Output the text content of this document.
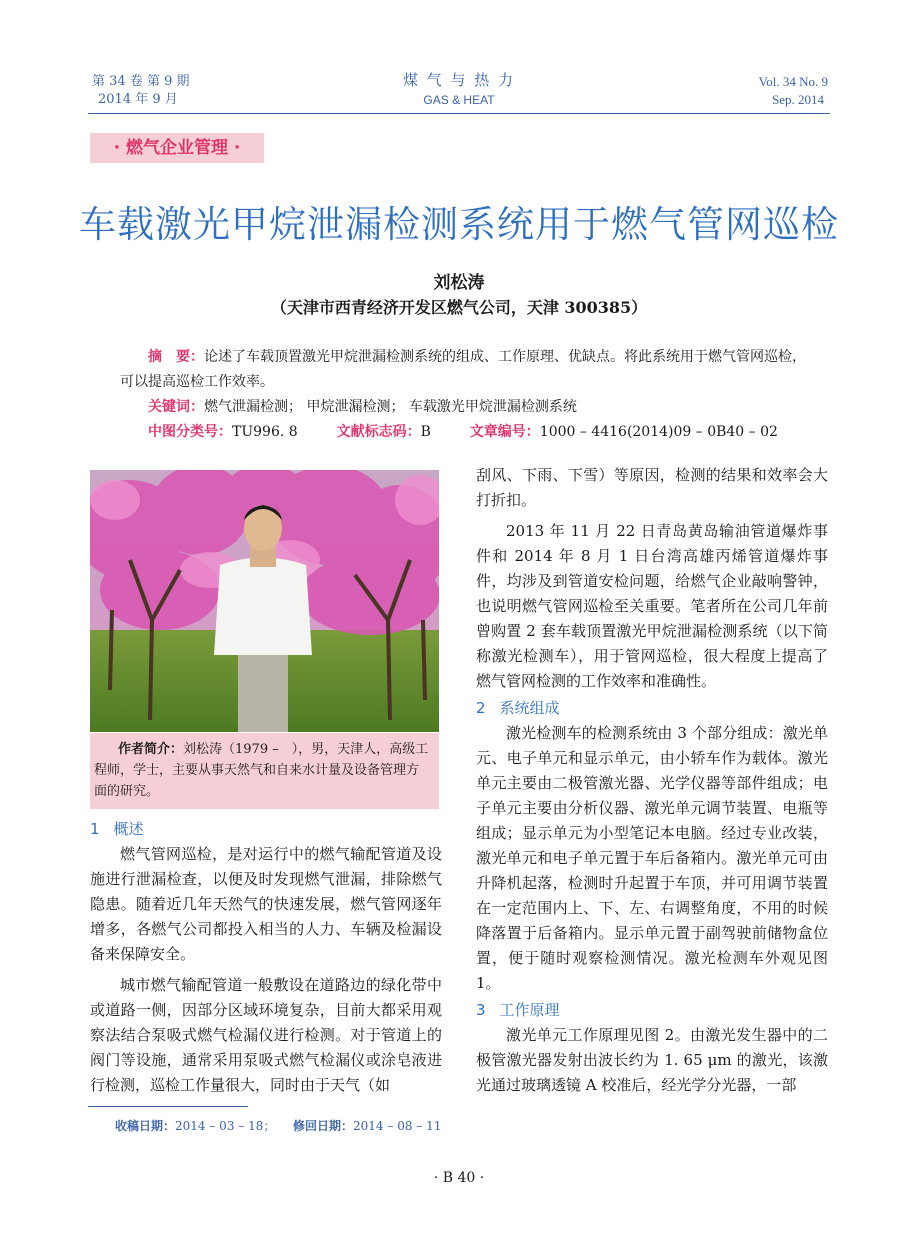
第 34 卷 第 9 期
2014 年 9 月
煤 气 与 热 力
GAS & HEAT
Vol. 34 No. 9
Sep. 2014
· 燃气企业管理 ·
车载激光甲烷泄漏检测系统用于燃气管网巡检
刘松涛
（天津市西青经济开发区燃气公司，天津 300385）
摘　要：论述了车载顶置激光甲烷泄漏检测系统的组成、工作原理、优缺点。将此系统用于燃气管网巡检，可以提高巡检工作效率。
关键词：燃气泄漏检测； 甲烷泄漏检测； 车载激光甲烷泄漏检测系统
中图分类号：TU996. 8	文献标志码：B	文章编号：1000 – 4416(2014)09 – 0B40 – 02
作者简介：刘松涛（1979 –　），男，天津人，高级工程师，学士，主要从事天然气和自来水计量及设备管理方面的研究。
1 概述

燃气管网巡检，是对运行中的燃气输配管道及设施进行泄漏检查，以便及时发现燃气泄漏，排除燃气隐患。随着近几年天然气的快速发展，燃气管网逐年增多，各燃气公司都投入相当的人力、车辆及检漏设备来保障安全。

城市燃气输配管道一般敷设在道路边的绿化带中或道路一侧，因部分区域环境复杂，目前大都采用观察法结合泵吸式燃气检漏仪进行检测。对于管道上的阀门等设施，通常采用泵吸式燃气检漏仪或涂皂液进行检测，巡检工作量很大，同时由于天气（如

刮风、下雨、下雪）等原因，检测的结果和效率会大打折扣。

2013 年 11 月 22 日青岛黄岛输油管道爆炸事件和 2014 年 8 月 1 日台湾高雄丙烯管道爆炸事件，均涉及到管道安检问题，给燃气企业敲响警钟，也说明燃气管网巡检至关重要。笔者所在公司几年前曾购置 2 套车载顶置激光甲烷泄漏检测系统（以下简称激光检测车），用于管网巡检，很大程度上提高了燃气管网检测的工作效率和准确性。

2 系统组成

激光检测车的检测系统由 3 个部分组成：激光单元、电子单元和显示单元，由小轿车作为载体。激光单元主要由二极管激光器、光学仪器等部件组成；电子单元主要由分析仪器、激光单元调节装置、电瓶等组成；显示单元为小型笔记本电脑。经过专业改装，激光单元和电子单元置于车后备箱内。激光单元可由升降机起落，检测时升起置于车顶，并可用调节装置在一定范围内上、下、左、右调整角度，不用的时候降落置于后备箱内。显示单元置于副驾驶前储物盒位置，便于随时观察检测情况。激光检测车外观见图 1。

3 工作原理

激光单元工作原理见图 2。由激光发生器中的二极管激光器发射出波长约为 1. 65 μm 的激光，该激光通过玻璃透镜 A 校准后，经光学分光器，一部

收稿日期：2014 – 03 – 18； 修回日期：2014 – 08 – 11
· B 40 ·
